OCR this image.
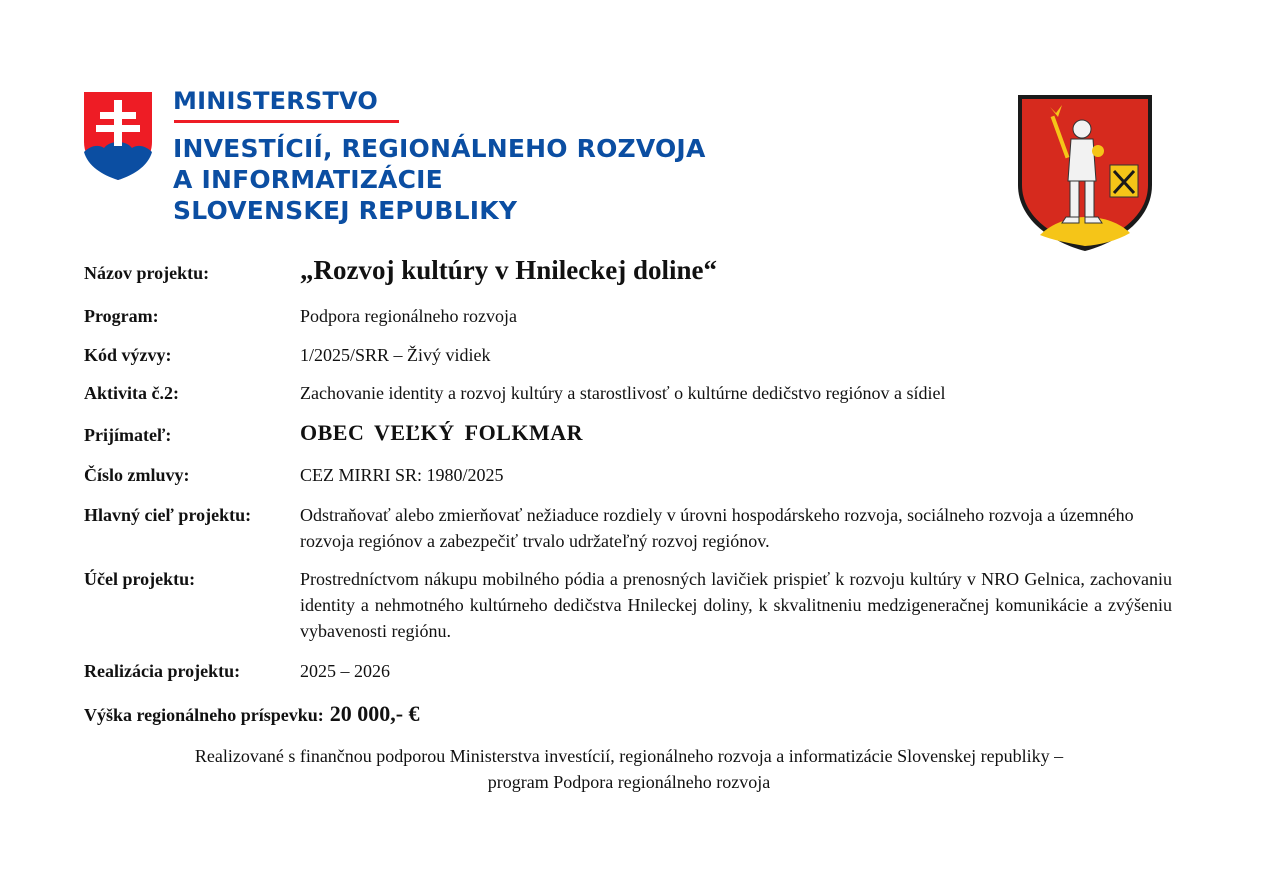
MINISTERSTVO
INVESTÍCIÍ, REGIONÁLNEHO ROZVOJA
A INFORMATIZÁCIE
SLOVENSKEJ REPUBLIKY
Názov projektu:	„Rozvoj kultúry v Hnileckej doline“
Program:	Podpora regionálneho rozvoja
Kód výzvy:	1/2025/SRR – Živý vidiek
Aktivita č.2:	Zachovanie identity a rozvoj kultúry a starostlivosť o kultúrne dedičstvo regiónov a sídiel
Prijímateľ:	OBEC VEĽKÝ FOLKMAR
Číslo zmluvy:	CEZ MIRRI SR: 1980/2025
Hlavný cieľ projektu:	Odstraňovať alebo zmierňovať nežiaduce rozdiely v úrovni hospodárskeho rozvoja, sociálneho rozvoja a územného rozvoja regiónov a zabezpečiť trvalo udržateľný rozvoj regiónov.
Účel projektu:	Prostredníctvom nákupu mobilného pódia a prenosných lavičiek prispieť k rozvoju kultúry v NRO Gelnica, zachovaniu identity a nehmotného kultúrneho dedičstva Hnileckej doliny, k skvalitneniu medzigeneračnej komunikácie a zvýšeniu vybavenosti regiónu.
Realizácia projektu:	2025 – 2026
Výška regionálneho príspevku: 20 000,- €
Realizované s finančnou podporou Ministerstva investícií, regionálneho rozvoja a informatizácie Slovenskej republiky –
program Podpora regionálneho rozvoja
